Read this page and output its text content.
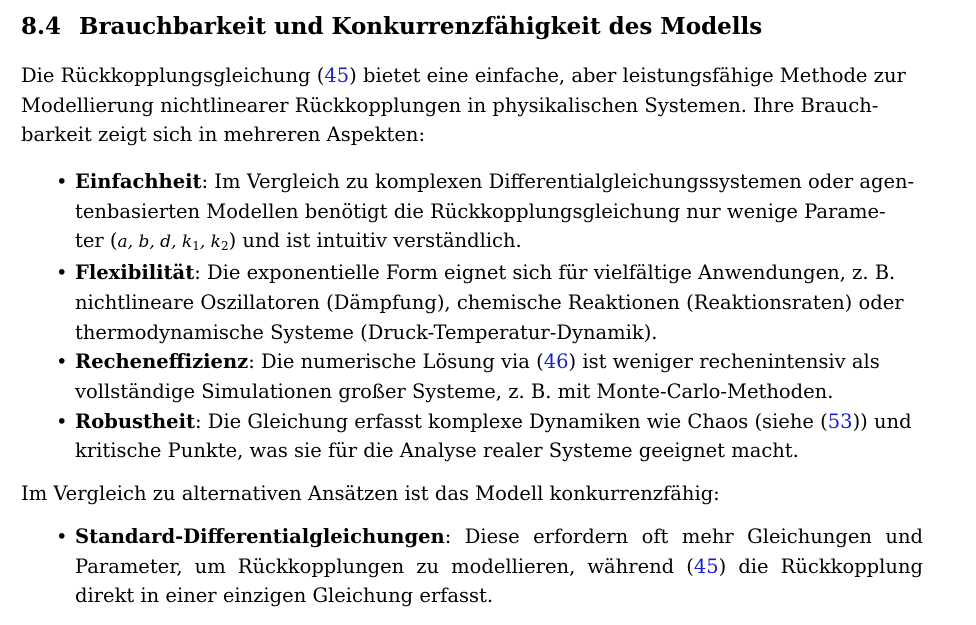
8.4 Brauchbarkeit und Konkurrenzfähigkeit des Modells

Die Rückkopplungsgleichung (45) bietet eine einfache, aber leistungsfähige Methode zur
Modellierung nichtlinearer Rückkopplungen in physikalischen Systemen. Ihre Brauch-
barkeit zeigt sich in mehreren Aspekten:

• Einfachheit: Im Vergleich zu komplexen Differentialgleichungssystemen oder agen-
tenbasierten Modellen benötigt die Rückkopplungsgleichung nur wenige Parame-
ter (a, b, d, $k_1$, $k_2$) und ist intuitiv verständlich.
• Flexibilität: Die exponentielle Form eignet sich für vielfältige Anwendungen, z. B.
nichtlineare Oszillatoren (Dämpfung), chemische Reaktionen (Reaktionsraten) oder
thermodynamische Systeme (Druck-Temperatur-Dynamik).
• Recheneffizienz: Die numerische Lösung via (46) ist weniger rechenintensiv als
vollständige Simulationen großer Systeme, z. B. mit Monte-Carlo-Methoden.
• Robustheit: Die Gleichung erfasst komplexe Dynamiken wie Chaos (siehe (53)) und
kritische Punkte, was sie für die Analyse realer Systeme geeignet macht.

Im Vergleich zu alternativen Ansätzen ist das Modell konkurrenzfähig:

• Standard-Differentialgleichungen: Diese erfordern oft mehr Gleichungen und
Parameter, um Rückkopplungen zu modellieren, während (45) die Rückkopplung
direkt in einer einzigen Gleichung erfasst.
